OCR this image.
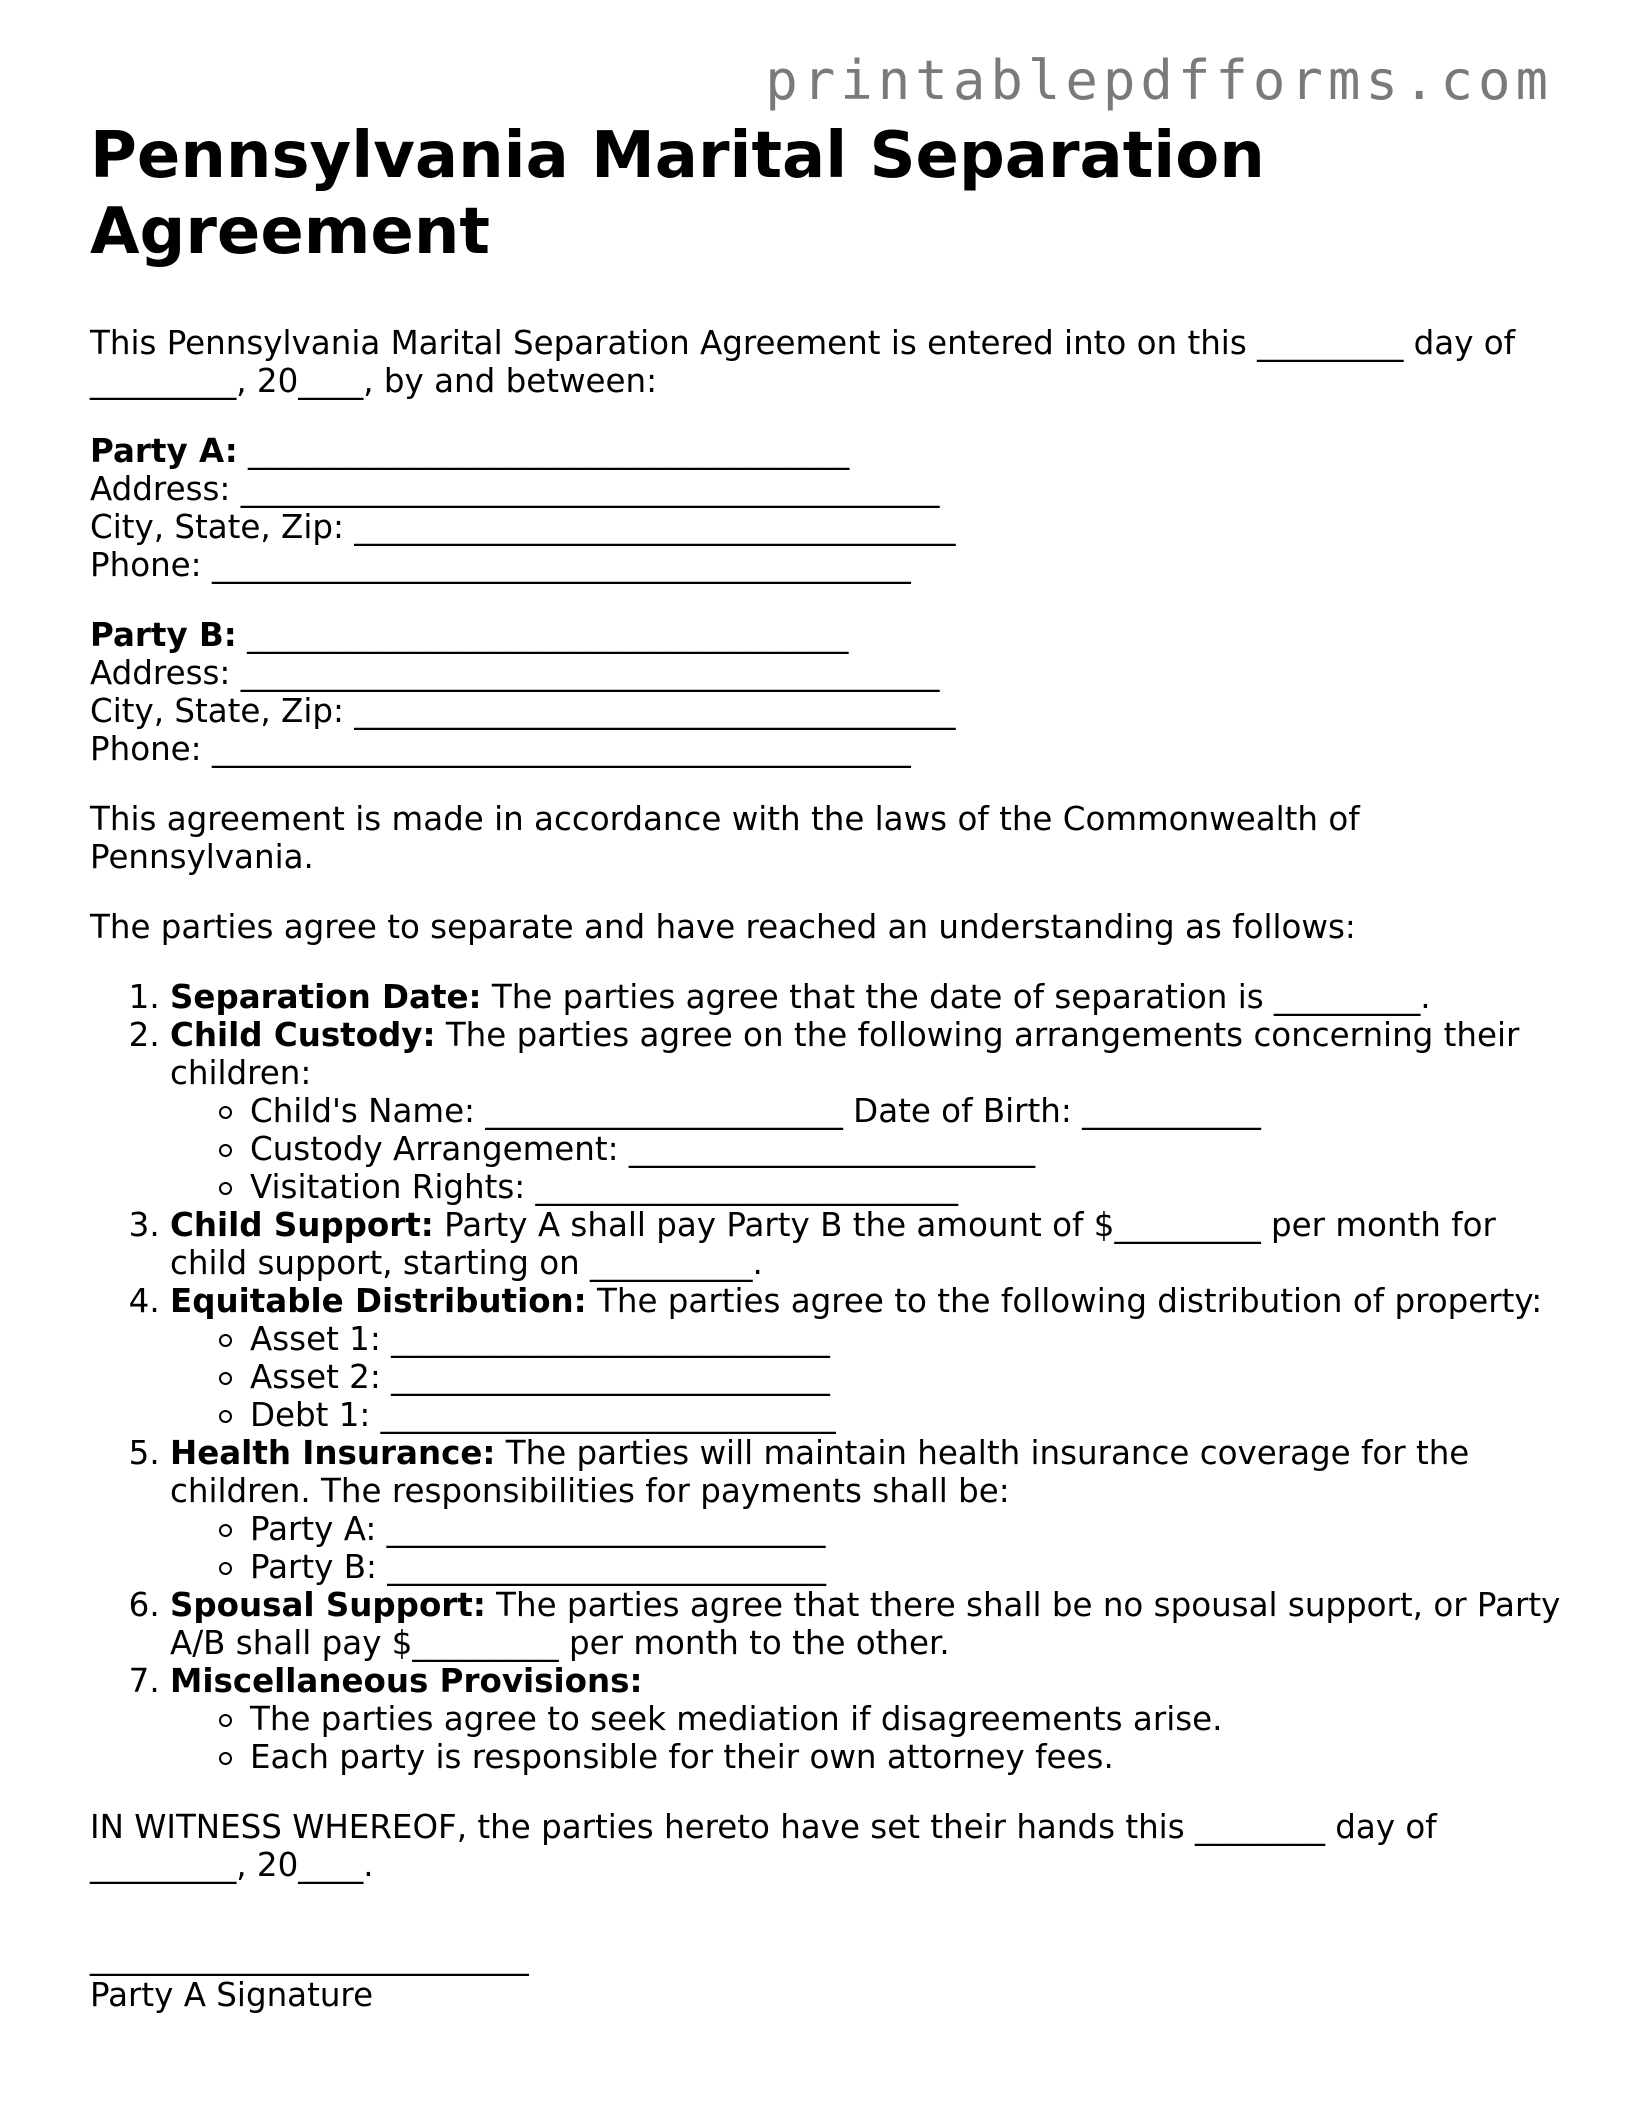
printablepdfforms.com
Pennsylvania Marital Separation Agreement

This Pennsylvania Marital Separation Agreement is entered into on this _________ day of _________, 20____, by and between:

Party A: _____________________________________
Address: ___________________________________________
City, State, Zip: _____________________________________
Phone: ___________________________________________
Party B: _____________________________________
Address: ___________________________________________
City, State, Zip: _____________________________________
Phone: ___________________________________________

This agreement is made in accordance with the laws of the Commonwealth of Pennsylvania.

The parties agree to separate and have reached an understanding as follows:

1. Separation Date: The parties agree that the date of separation is _________.
2. Child Custody: The parties agree on the following arrangements concerning their children:
Child's Name: ______________________ Date of Birth: ___________
Custody Arrangement: _________________________
Visitation Rights: __________________________
3. Child Support: Party A shall pay Party B the amount of $_________ per month for child support, starting on __________.
4. Equitable Distribution: The parties agree to the following distribution of property:
Asset 1: ___________________________
Asset 2: ___________________________
Debt 1: ____________________________
5. Health Insurance: The parties will maintain health insurance coverage for the children. The responsibilities for payments shall be:
Party A: ___________________________
Party B: ___________________________
6. Spousal Support: The parties agree that there shall be no spousal support, or Party A/B shall pay $_________ per month to the other.
7. Miscellaneous Provisions:
The parties agree to seek mediation if disagreements arise.
Each party is responsible for their own attorney fees.

IN WITNESS WHEREOF, the parties hereto have set their hands this ________ day of _________, 20____.

___________________________
Party A Signature
